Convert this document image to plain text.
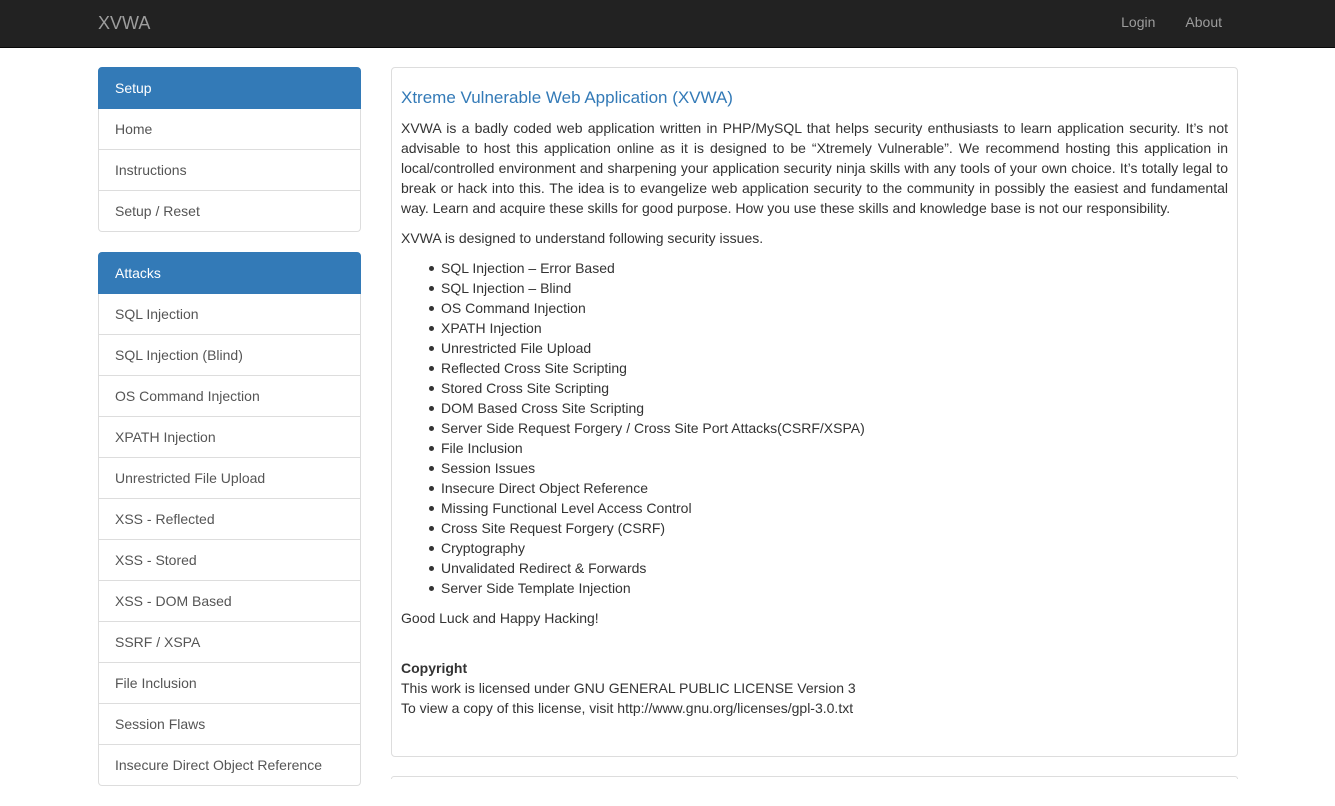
XVWA	Login	About
Setup
Home
Instructions
Setup / Reset
Attacks
SQL Injection
SQL Injection (Blind)
OS Command Injection
XPATH Injection
Unrestricted File Upload
XSS - Reflected
XSS - Stored
XSS - DOM Based
SSRF / XSPA
File Inclusion
Session Flaws
Insecure Direct Object Reference
Xtreme Vulnerable Web Application (XVWA)

XVWA is a badly coded web application written in PHP/MySQL that helps security enthusiasts to learn application security. It’s not advisable to host this application online as it is designed to be “Xtremely Vulnerable”. We recommend hosting this application in local/controlled environment and sharpening your application security ninja skills with any tools of your own choice. It’s totally legal to break or hack into this. The idea is to evangelize web application security to the community in possibly the easiest and fundamental way. Learn and acquire these skills for good purpose. How you use these skills and knowledge base is not our responsibility.

XVWA is designed to understand following security issues.

SQL Injection – Error Based
SQL Injection – Blind
OS Command Injection
XPATH Injection
Unrestricted File Upload
Reflected Cross Site Scripting
Stored Cross Site Scripting
DOM Based Cross Site Scripting
Server Side Request Forgery / Cross Site Port Attacks(CSRF/XSPA)
File Inclusion
Session Issues
Insecure Direct Object Reference
Missing Functional Level Access Control
Cross Site Request Forgery (CSRF)
Cryptography
Unvalidated Redirect & Forwards
Server Side Template Injection

Good Luck and Happy Hacking!

Copyright
This work is licensed under GNU GENERAL PUBLIC LICENSE Version 3
To view a copy of this license, visit http://www.gnu.org/licenses/gpl-3.0.txt
